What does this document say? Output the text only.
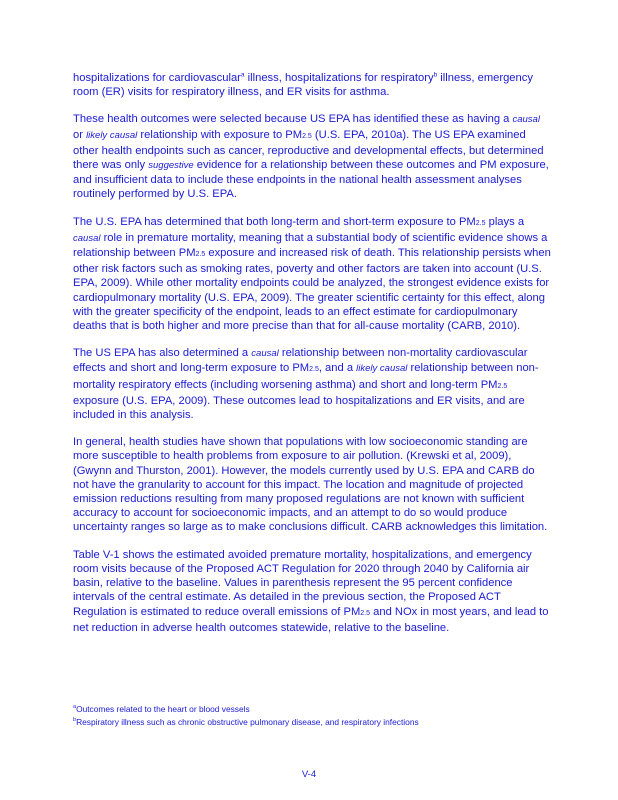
hospitalizations for cardiovascular$^a$ illness, hospitalizations for respiratory$^b$ illness, emergency room (ER) visits for respiratory illness, and ER visits for asthma.

These health outcomes were selected because US EPA has identified these as having a causal or likely causal relationship with exposure to PM2.5 (U.S. EPA, 2010a). The US EPA examined other health endpoints such as cancer, reproductive and developmental effects, but determined there was only suggestive evidence for a relationship between these outcomes and PM exposure, and insufficient data to include these endpoints in the national health assessment analyses routinely performed by U.S. EPA.

The U.S. EPA has determined that both long-term and short-term exposure to PM2.5 plays a causal role in premature mortality, meaning that a substantial body of scientific evidence shows a relationship between PM2.5 exposure and increased risk of death. This relationship persists when other risk factors such as smoking rates, poverty and other factors are taken into account (U.S. EPA, 2009). While other mortality endpoints could be analyzed, the strongest evidence exists for cardiopulmonary mortality (U.S. EPA, 2009). The greater scientific certainty for this effect, along with the greater specificity of the endpoint, leads to an effect estimate for cardiopulmonary deaths that is both higher and more precise than that for all-cause mortality (CARB, 2010).

The US EPA has also determined a causal relationship between non-mortality cardiovascular effects and short and long-term exposure to PM2.5, and a likely causal relationship between non-mortality respiratory effects (including worsening asthma) and short and long-term PM2.5 exposure (U.S. EPA, 2009). These outcomes lead to hospitalizations and ER visits, and are included in this analysis.

In general, health studies have shown that populations with low socioeconomic standing are more susceptible to health problems from exposure to air pollution. (Krewski et al, 2009), (Gwynn and Thurston, 2001). However, the models currently used by U.S. EPA and CARB do not have the granularity to account for this impact. The location and magnitude of projected emission reductions resulting from many proposed regulations are not known with sufficient accuracy to account for socioeconomic impacts, and an attempt to do so would produce uncertainty ranges so large as to make conclusions difficult. CARB acknowledges this limitation.

Table V-1 shows the estimated avoided premature mortality, hospitalizations, and emergency room visits because of the Proposed ACT Regulation for 2020 through 2040 by California air basin, relative to the baseline. Values in parenthesis represent the 95 percent confidence intervals of the central estimate. As detailed in the previous section, the Proposed ACT Regulation is estimated to reduce overall emissions of PM2.5 and NOx in most years, and lead to net reduction in adverse health outcomes statewide, relative to the baseline.

$^a$Outcomes related to the heart or blood vessels
$^b$Respiratory illness such as chronic obstructive pulmonary disease, and respiratory infections
V-4
